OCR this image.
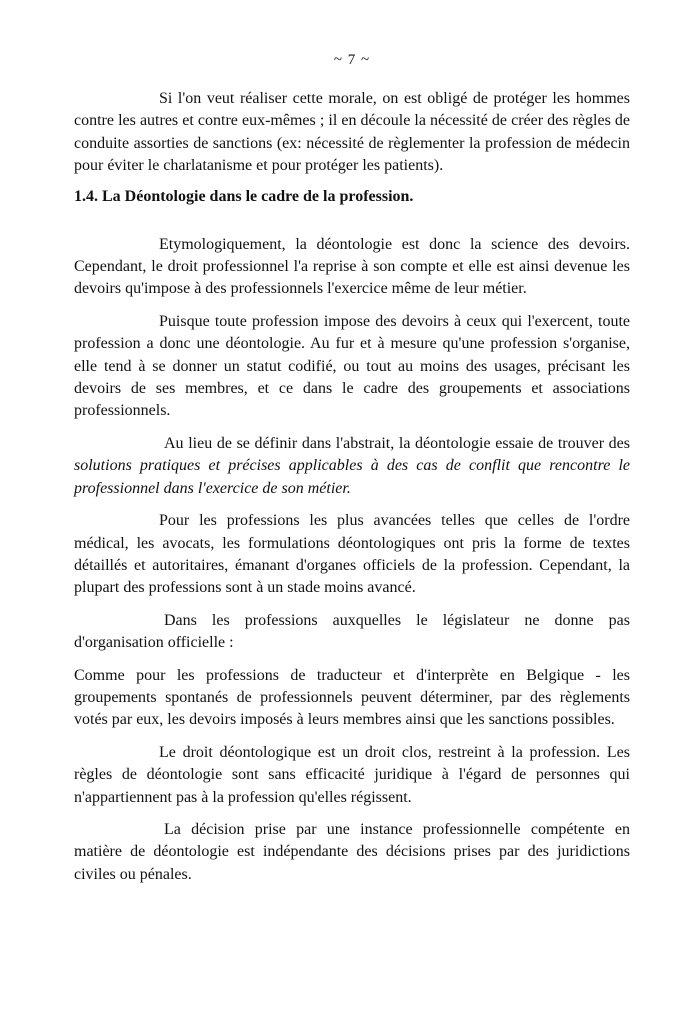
~ 7 ~

Si l'on veut réaliser cette morale, on est obligé de protéger les hommes contre les autres et contre eux-mêmes ; il en découle la nécessité de créer des règles de conduite assorties de sanctions (ex: nécessité de règlementer la profession de médecin pour éviter le charlatanisme et pour protéger les patients).

1.4. La Déontologie dans le cadre de la profession.

Etymologiquement, la déontologie est donc la science des devoirs. Cependant, le droit professionnel l'a reprise à son compte et elle est ainsi devenue les devoirs qu'impose à des professionnels l'exercice même de leur métier.

Puisque toute profession impose des devoirs à ceux qui l'exercent, toute profession a donc une déontologie. Au fur et à mesure qu'une profession s'organise, elle tend à se donner un statut codifié, ou tout au moins des usages, précisant les devoirs de ses membres, et ce dans le cadre des groupements et associations professionnels.

Au lieu de se définir dans l'abstrait, la déontologie essaie de trouver des solutions pratiques et précises applicables à des cas de conflit que rencontre le professionnel dans l'exercice de son métier.

Pour les professions les plus avancées telles que celles de l'ordre médical, les avocats, les formulations déontologiques ont pris la forme de textes détaillés et autoritaires, émanant d'organes officiels de la profession. Cependant, la plupart des professions sont à un stade moins avancé.

Dans les professions auxquelles le législateur ne donne pas d'organisation officielle :

Comme pour les professions de traducteur et d'interprète en Belgique - les groupements spontanés de professionnels peuvent déterminer, par des règlements votés par eux, les devoirs imposés à leurs membres ainsi que les sanctions possibles.

Le droit déontologique est un droit clos, restreint à la profession. Les règles de déontologie sont sans efficacité juridique à l'égard de personnes qui n'appartiennent pas à la profession qu'elles régissent.

La décision prise par une instance professionnelle compétente en matière de déontologie est indépendante des décisions prises par des juridictions civiles ou pénales.
